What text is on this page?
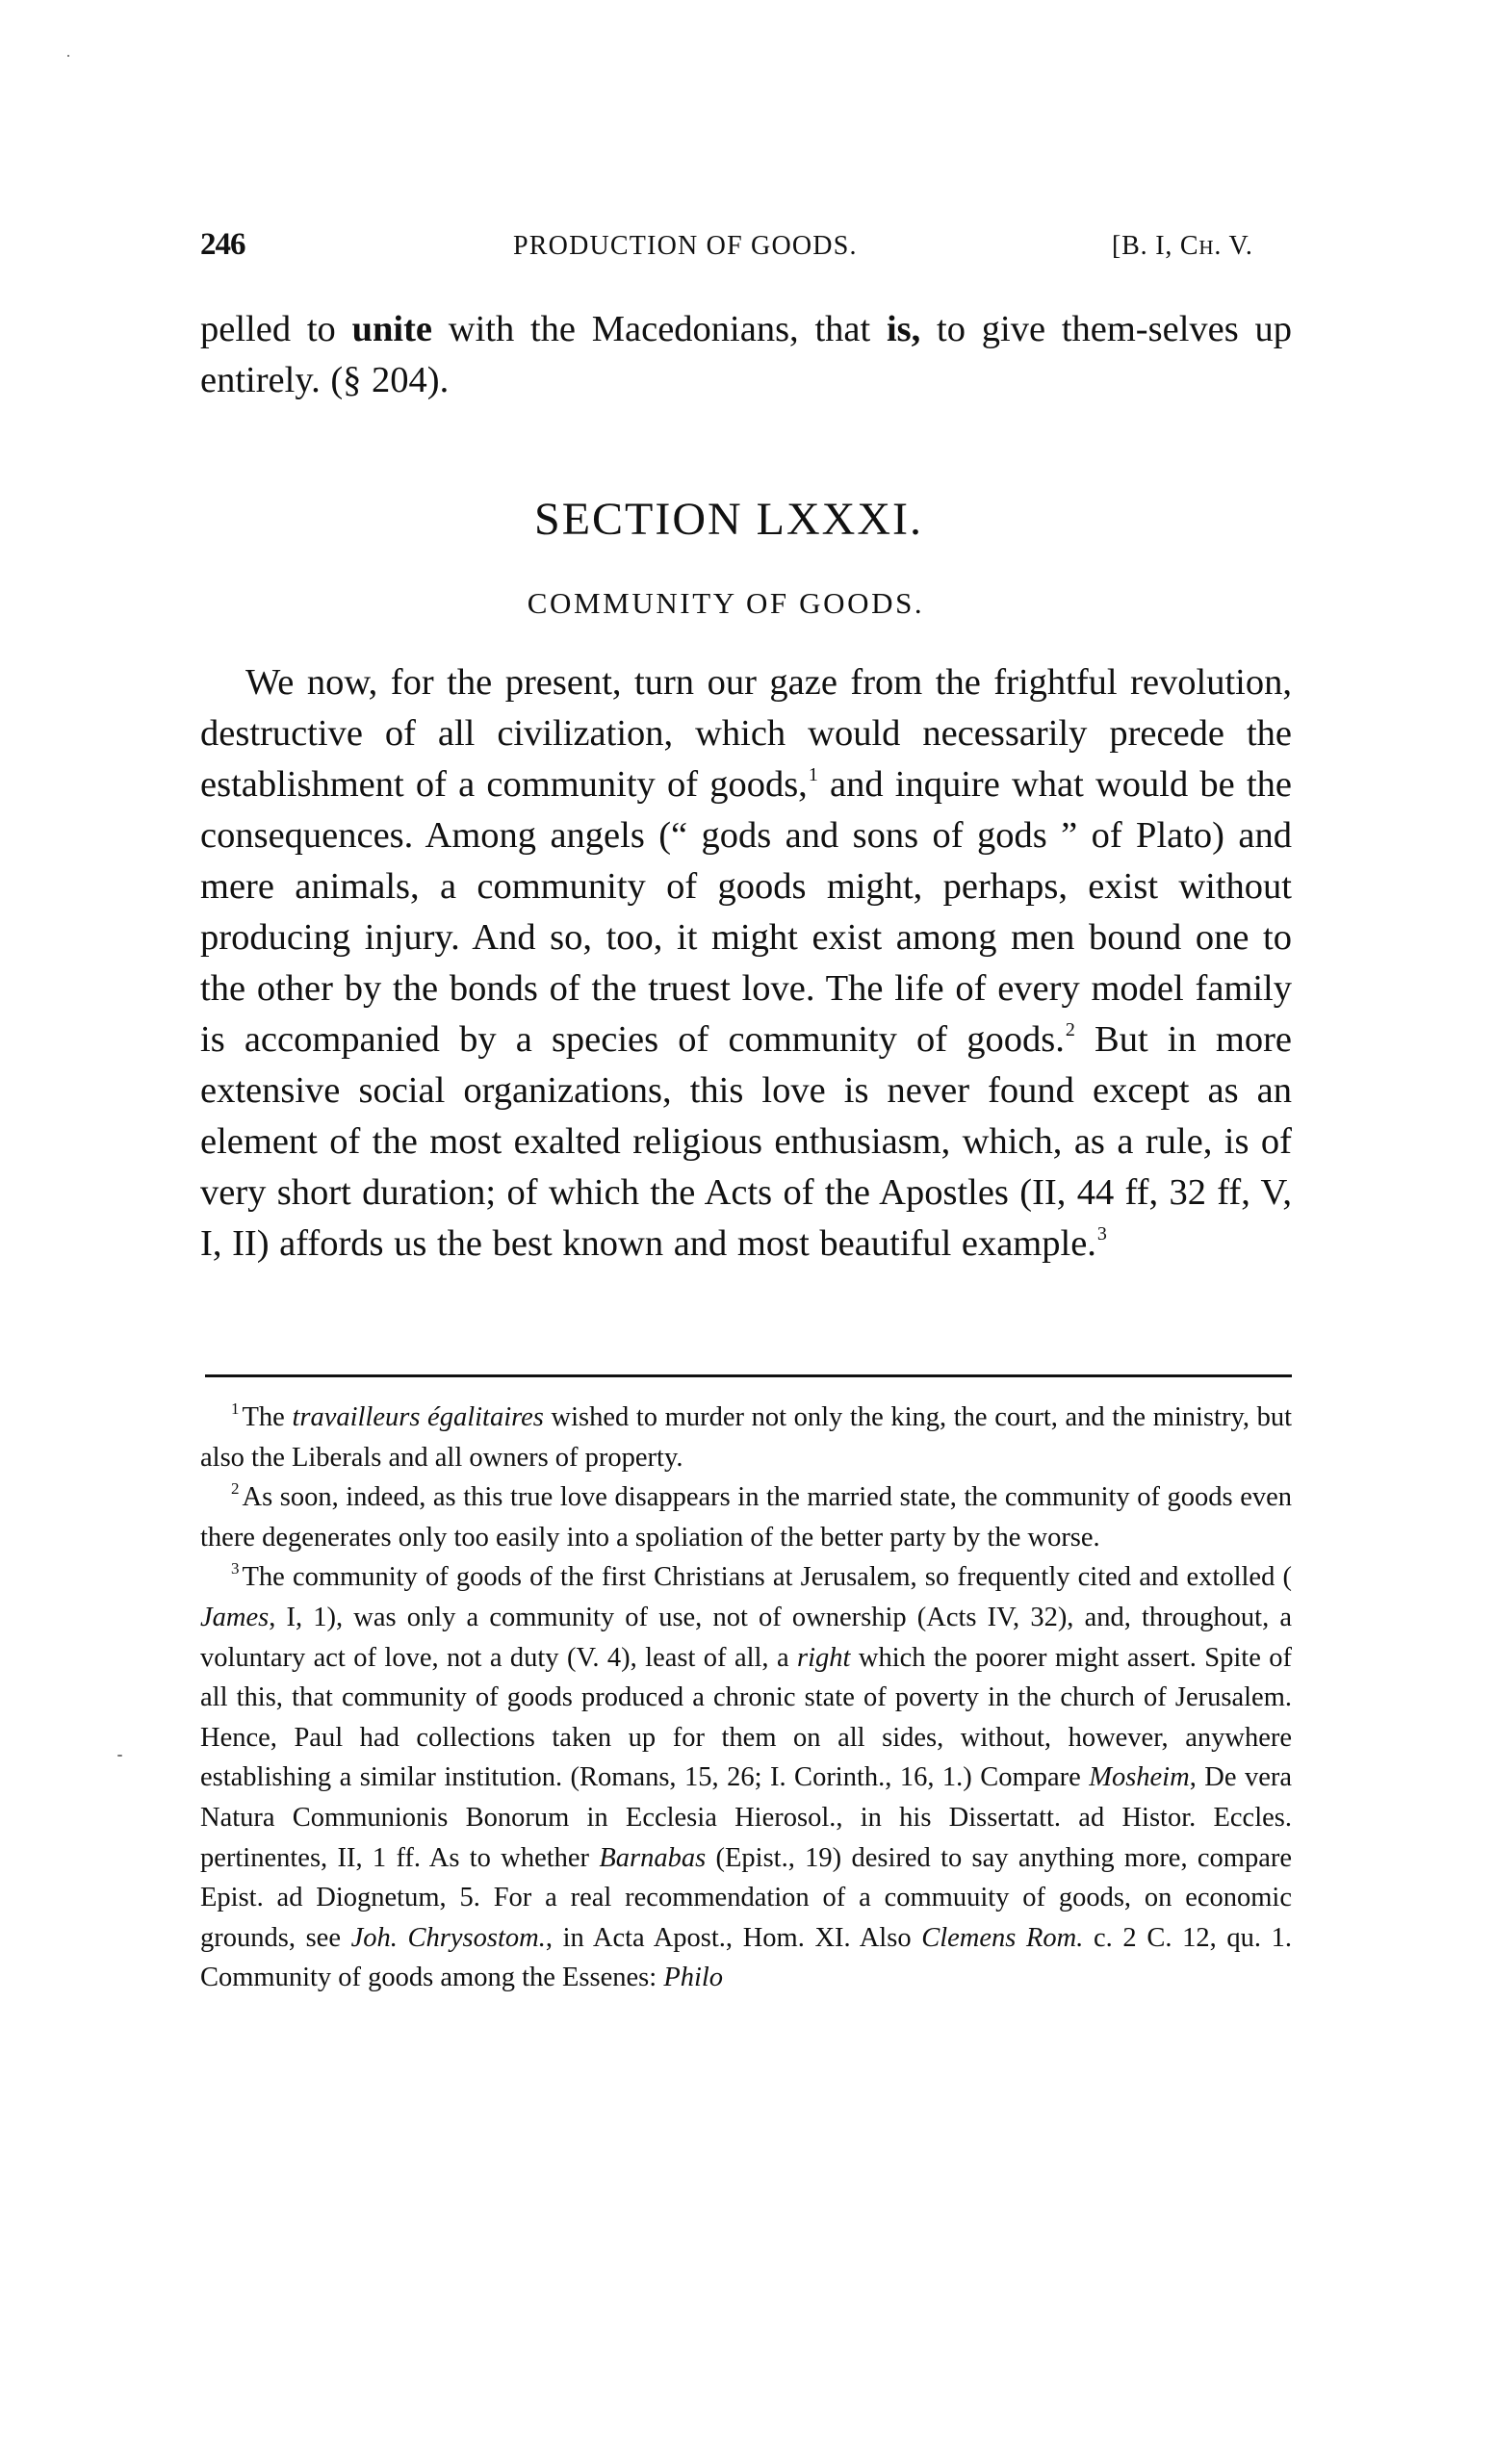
246	PRODUCTION OF GOODS.	[B. I, CH. V.

pelled to unite with the Macedonians, that is, to give them-selves up entirely. (§ 204).

SECTION LXXXI.
COMMUNITY OF GOODS.

We now, for the present, turn our gaze from the frightful revolution, destructive of all civilization, which would necessarily precede the establishment of a community of goods,$^1$ and inquire what would be the consequences. Among angels (“ gods and sons of gods ” of Plato) and mere animals, a community of goods might, perhaps, exist without producing injury. And so, too, it might exist among men bound one to the other by the bonds of the truest love. The life of every model family is accompanied by a species of community of goods.$^2$ But in more extensive social organizations, this love is never found except as an element of the most exalted religious enthusiasm, which, as a rule, is of very short duration; of which the Acts of the Apostles (II, 44 ff, 32 ff, V, I, II) affords us the best known and most beautiful example.$^3$

$^1$ The travailleurs égalitaires wished to murder not only the king, the court, and the ministry, but also the Liberals and all owners of property.

$^2$ As soon, indeed, as this true love disappears in the married state, the community of goods even there degenerates only too easily into a spoliation of the better party by the worse.

$^3$ The community of goods of the first Christians at Jerusalem, so frequently cited and extolled ( James, I, 1), was only a community of use, not of ownership (Acts IV, 32), and, throughout, a voluntary act of love, not a duty (V. 4), least of all, a right which the poorer might assert. Spite of all this, that community of goods produced a chronic state of poverty in the church of Jerusalem. Hence, Paul had collections taken up for them on all sides, without, however, anywhere establishing a similar institution. (Romans, 15, 26; I. Corinth., 16, 1.) Compare Mosheim, De vera Natura Communionis Bonorum in Ecclesia Hierosol., in his Dissertatt. ad Histor. Eccles. pertinentes, II, 1 ff. As to whether Barnabas (Epist., 19) desired to say anything more, compare Epist. ad Diognetum, 5. For a real recommendation of a commuuity of goods, on economic grounds, see Joh. Chrysostom., in Acta Apost., Hom. XI. Also Clemens Rom. c. 2 C. 12, qu. 1. Community of goods among the Essenes: Philo
